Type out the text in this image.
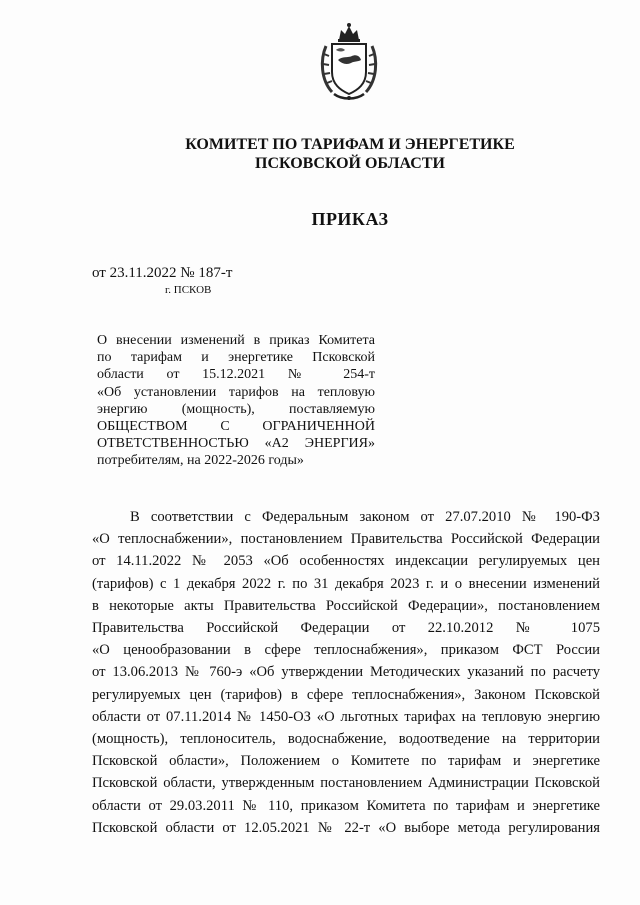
КОМИТЕТ ПО ТАРИФАМ И ЭНЕРГЕТИКЕ
ПСКОВСКОЙ ОБЛАСТИ
ПРИКАЗ
от 23.11.2022 № 187-т
г. ПСКОВ
О внесении изменений в приказ Комитета
по тарифам и энергетике Псковской
области от 15.12.2021 № 254-т
«Об установлении тарифов на тепловую
энергию (мощность), поставляемую
ОБЩЕСТВОМ С ОГРАНИЧЕННОЙ
ОТВЕТСТВЕННОСТЬЮ «А2 ЭНЕРГИЯ»
потребителям, на 2022-2026 годы»
В соответствии с Федеральным законом от 27.07.2010 № 190-ФЗ
«О теплоснабжении», постановлением Правительства Российской Федерации
от 14.11.2022 № 2053 «Об особенностях индексации регулируемых цен
(тарифов) с 1 декабря 2022 г. по 31 декабря 2023 г. и о внесении изменений
в некоторые акты Правительства Российской Федерации», постановлением
Правительства Российской Федерации от 22.10.2012 № 1075
«О ценообразовании в сфере теплоснабжения», приказом ФСТ России
от 13.06.2013 № 760-э «Об утверждении Методических указаний по расчету
регулируемых цен (тарифов) в сфере теплоснабжения», Законом Псковской
области от 07.11.2014 № 1450-ОЗ «О льготных тарифах на тепловую энергию
(мощность), теплоноситель, водоснабжение, водоотведение на территории
Псковской области», Положением о Комитете по тарифам и энергетике
Псковской области, утвержденным постановлением Администрации Псковской
области от 29.03.2011 № 110, приказом Комитета по тарифам и энергетике
Псковской области от 12.05.2021 № 22-т «О выборе метода регулирования
